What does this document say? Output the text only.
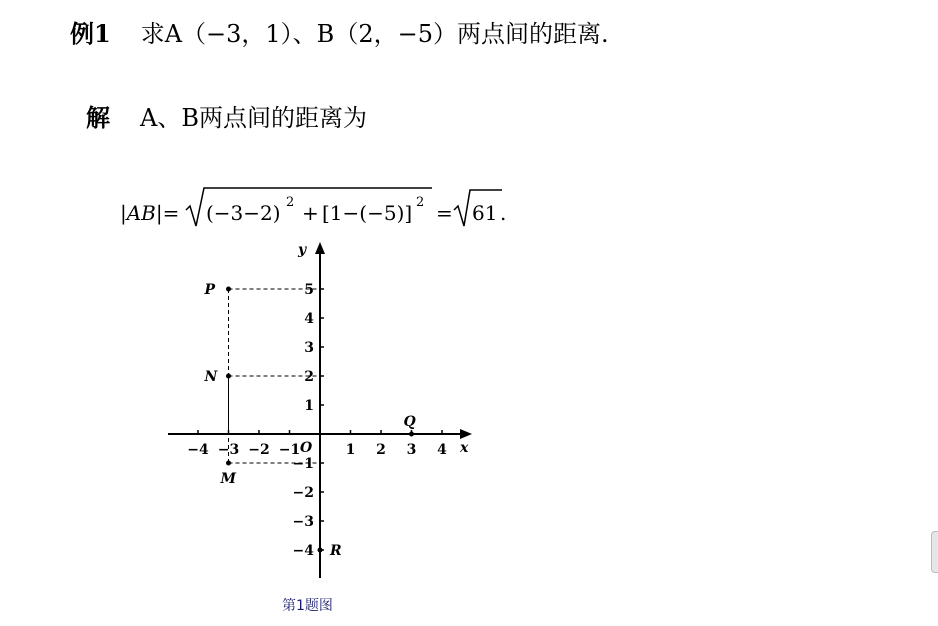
例1 求A（−3，1）、B（2，−5）两点间的距离.
解 A、B两点间的距离为
|AB|= (−3−2) 2 + [1−(−5)] 2 = 61 .
x
y
O
−4 −3 −2 −1	1 2 3 4
5
4
3
2
1
−1
−2
−3
−4
P
N
M
Q
R
第1题图
